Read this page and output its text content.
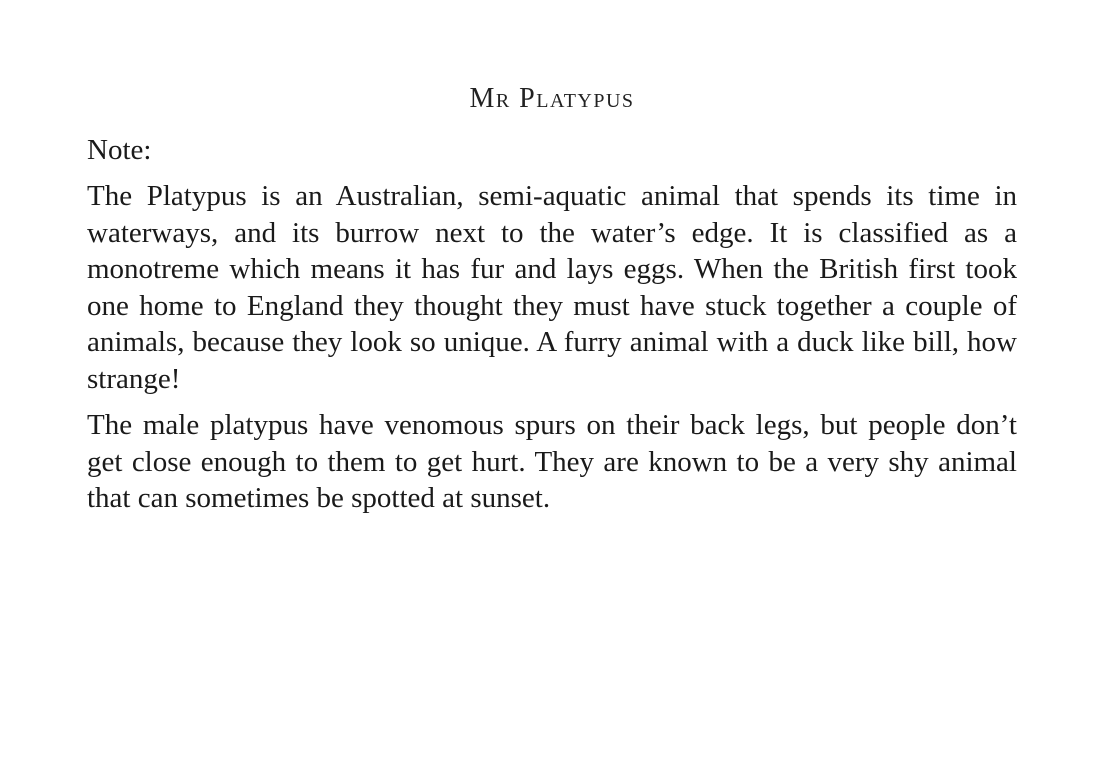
Mr Platypus

Note:

The Platypus is an Australian, semi-aquatic animal that spends its time in waterways, and its burrow next to the water’s edge. It is classified as a monotreme which means it has fur and lays eggs. When the British first took one home to England they thought they must have stuck together a couple of animals, because they look so unique. A furry animal with a duck like bill, how strange!

The male platypus have venomous spurs on their back legs, but people don’t get close enough to them to get hurt. They are known to be a very shy animal that can sometimes be spotted at sunset.
